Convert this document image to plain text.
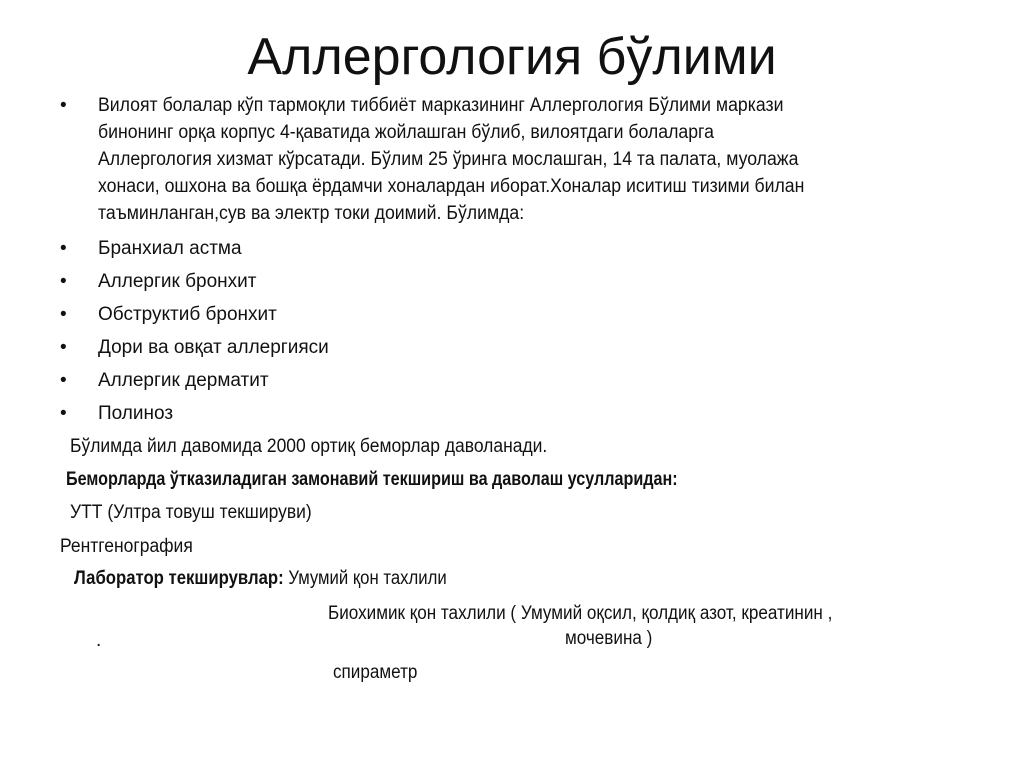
Аллергология бўлими
• Вилоят болалар кўп тармоқли тиббиёт марказининг Аллергология Бўлими маркази
бинонинг орқа корпус 4-қаватида жойлашган бўлиб, вилоятдаги болаларга
Аллергология хизмат кўрсатади. Бўлим 25 ўринга мослашган, 14 та палата, муолажа
хонаси, ошхона ва бошқа ёрдамчи хоналардан иборат.Хоналар иситиш тизими билан
таъминланган,сув ва электр токи доимий. Бўлимда:
• Бранхиал астма
• Аллергик бронхит
• Обструктиб бронхит
• Дори ва овқат аллергияси
• Аллергик дерматит
• Полиноз
Бўлимда йил давомида 2000 ортиқ беморлар даволанади.
Беморларда ўтказиладиган замонавий текшириш ва даволаш усулларидан:
УТТ (Ултра товуш текшируви)
Рентгенография
Лаборатор текширувлар: Умумий қон тахлили
Биохимик қон тахлили ( Умумий оқсил, қолдиқ азот, креатинин ,
.	мочевина )
спираметр
